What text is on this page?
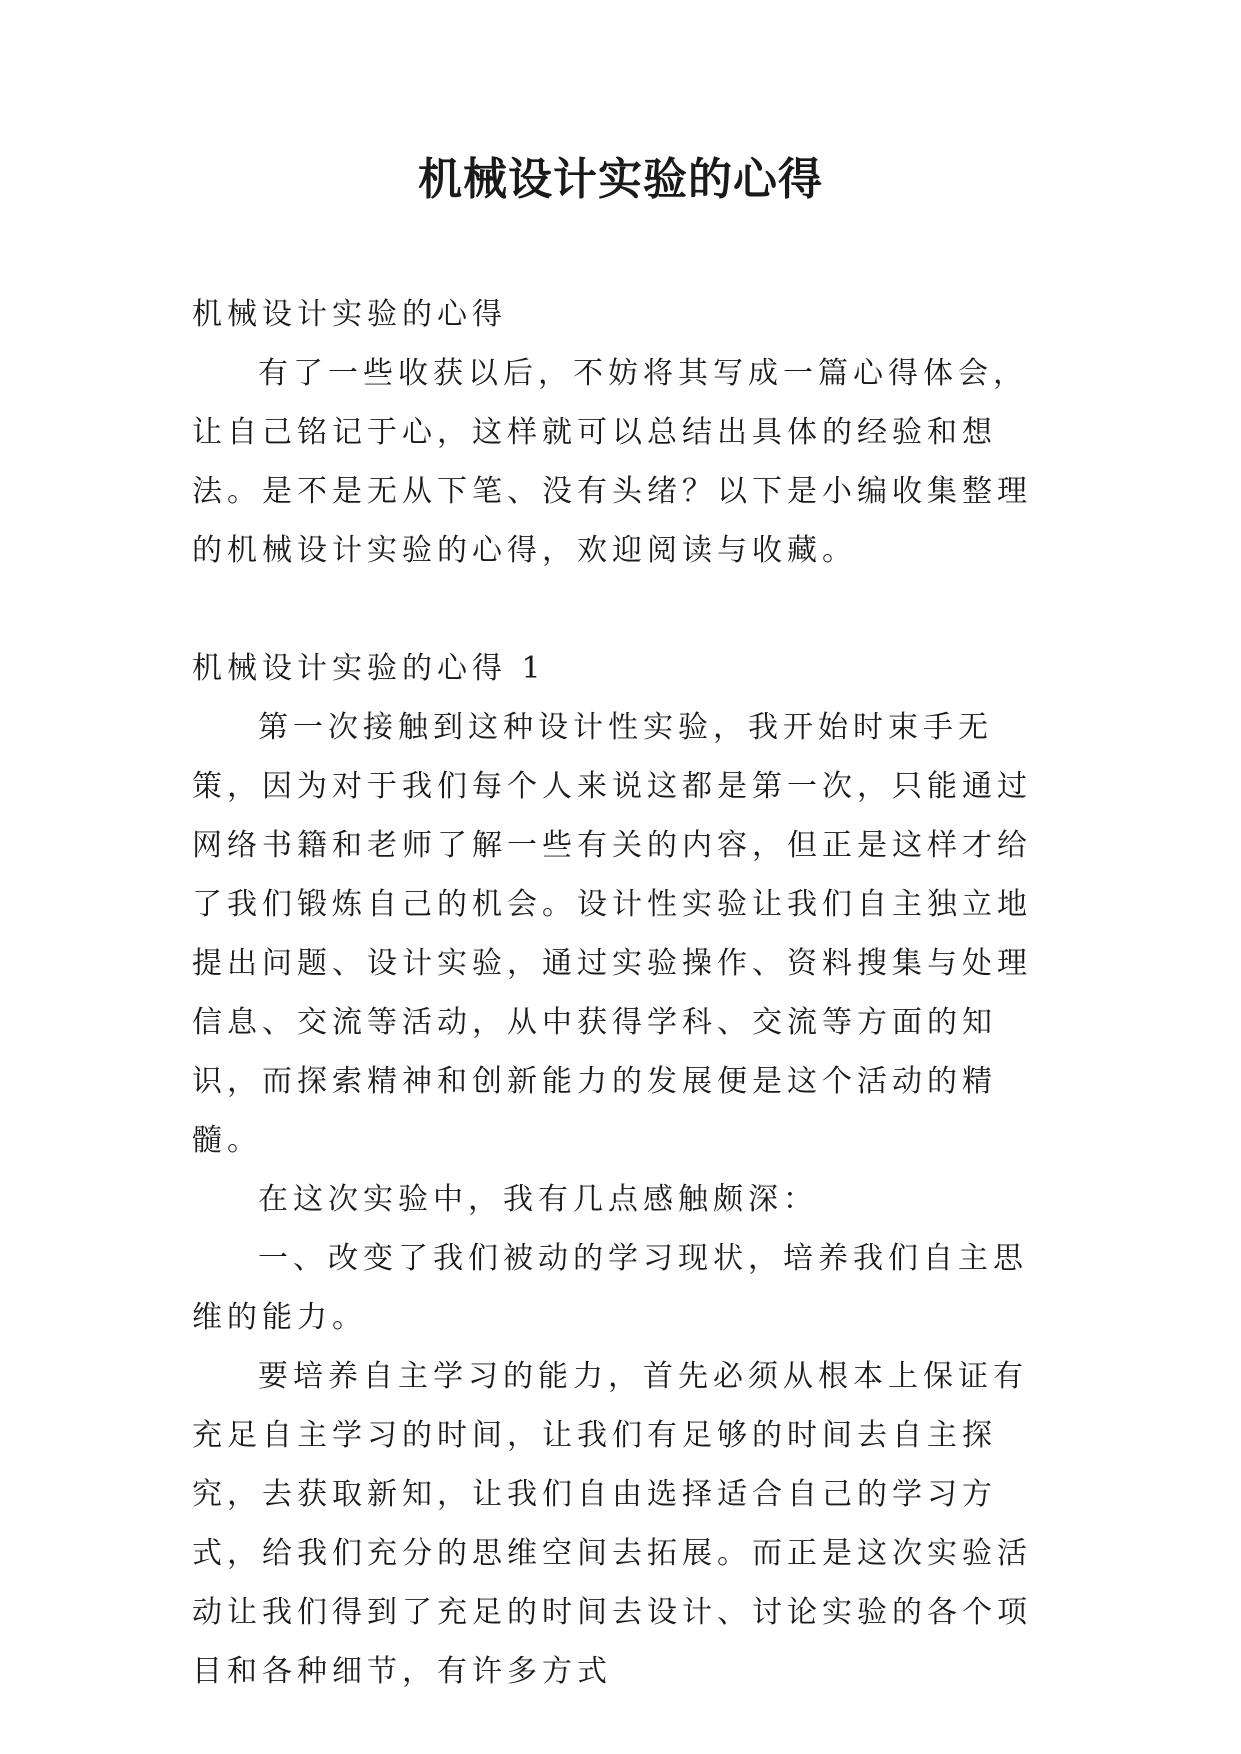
机械设计实验的心得

机械设计实验的心得

有了一些收获以后，不妨将其写成一篇心得体会，让自己铭记于心，这样就可以总结出具体的经验和想法。是不是无从下笔、没有头绪？以下是小编收集整理的机械设计实验的心得，欢迎阅读与收藏。

机械设计实验的心得 1

第一次接触到这种设计性实验，我开始时束手无策，因为对于我们每个人来说这都是第一次，只能通过网络书籍和老师了解一些有关的内容，但正是这样才给了我们锻炼自己的机会。设计性实验让我们自主独立地提出问题、设计实验，通过实验操作、资料搜集与处理信息、交流等活动，从中获得学科、交流等方面的知识，而探索精神和创新能力的发展便是这个活动的精髓。

在这次实验中，我有几点感触颇深：

一、改变了我们被动的学习现状，培养我们自主思维的能力。

要培养自主学习的能力，首先必须从根本上保证有充足自主学习的时间，让我们有足够的时间去自主探究，去获取新知，让我们自由选择适合自己的学习方式，给我们充分的思维空间去拓展。而正是这次实验活动让我们得到了充足的时间去设计、讨论实验的各个项目和各种细节，有许多方式
